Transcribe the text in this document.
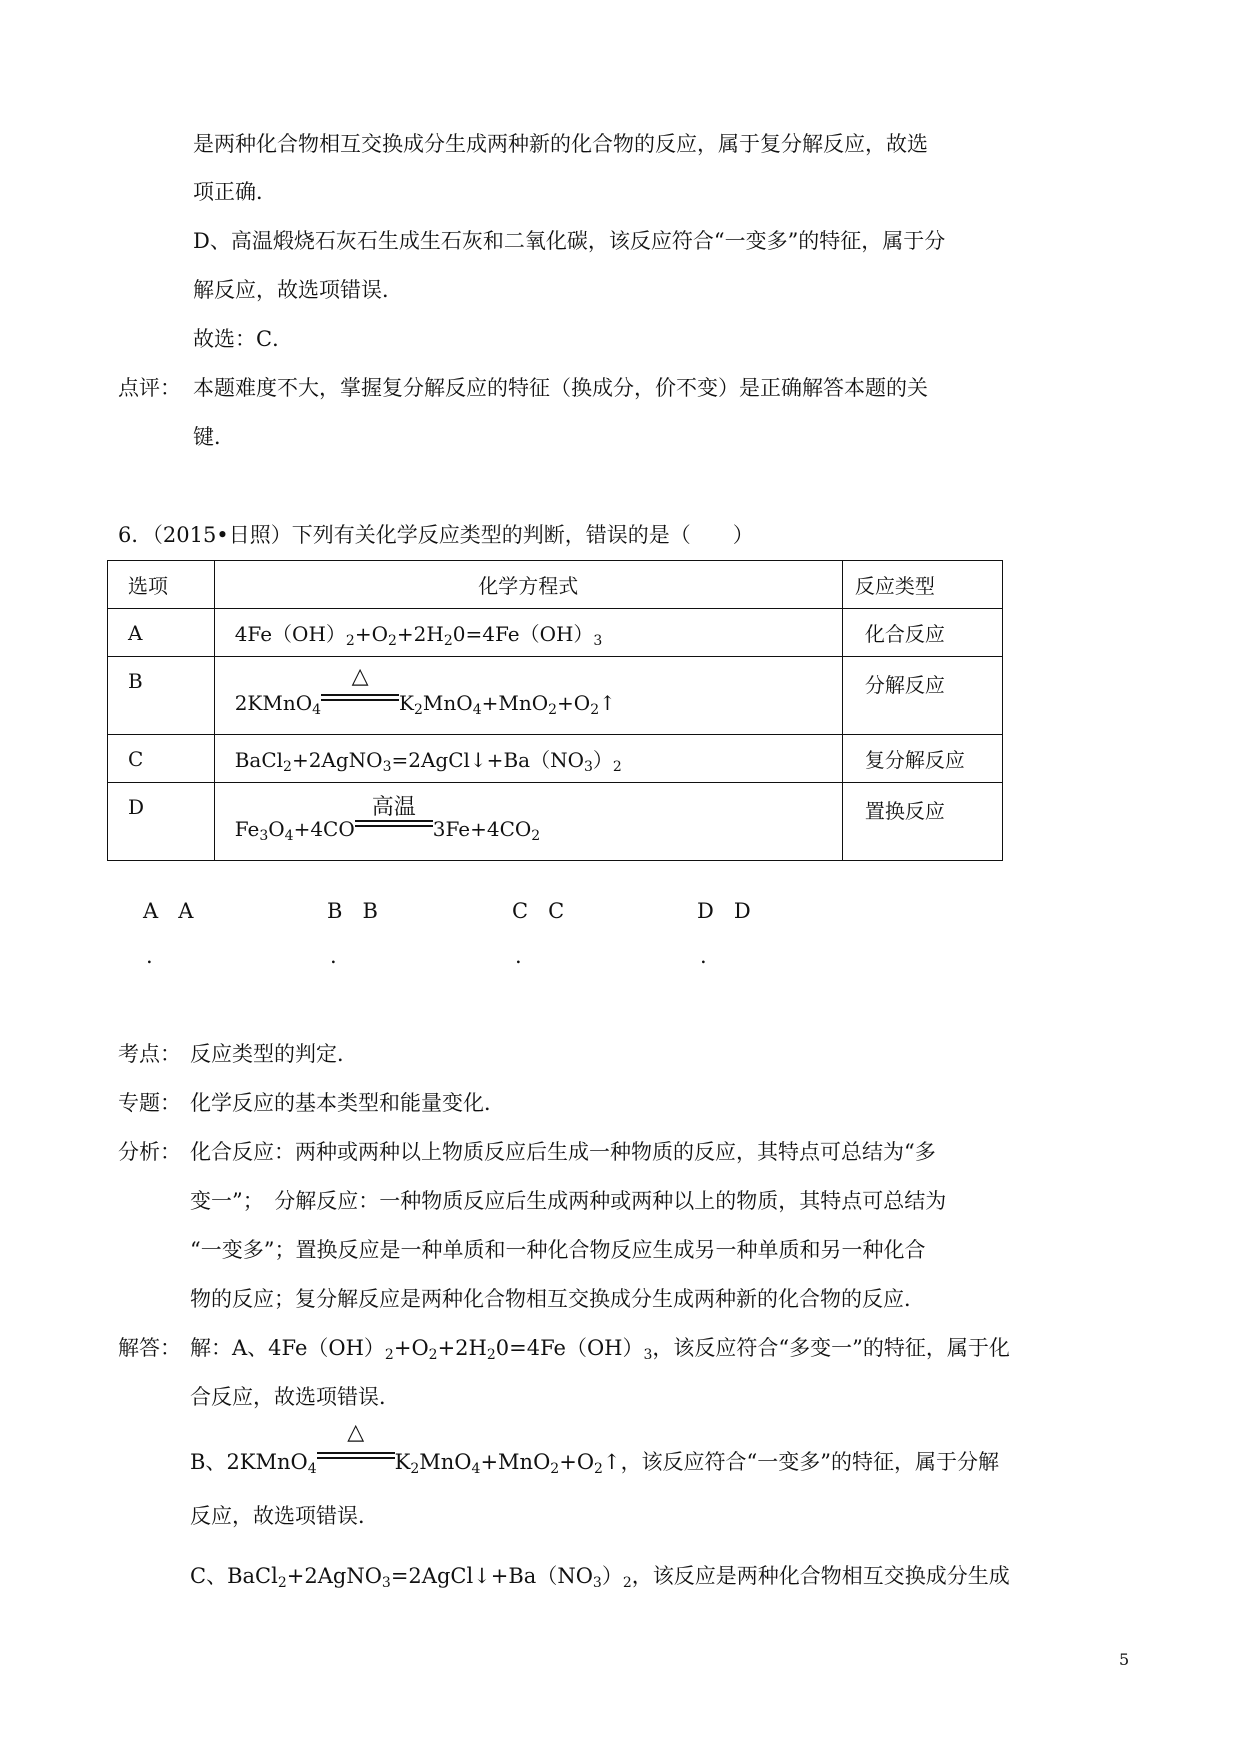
是两种化合物相互交换成分生成两种新的化合物的反应，属于复分解反应，故选
项正确．
D、高温煅烧石灰石生成生石灰和二氧化碳，该反应符合“一变多”的特征，属于分
解反应，故选项错误．
故选：C．
点评： 本题难度不大，掌握复分解反应的特征（换成分，价不变）是正确解答本题的关
键．
6．（2015•日照）下列有关化学反应类型的判断，错误的是（　　）
选项	化学方程式	反应类型
A	$4Fe(OH)_2+O_2+2H_20=4Fe(OH)_3$	化合反应
B	2KMnO$_4$
△
$K_2MnO_4+MnO_2+O_2↑$	分解反应
C	$BaCl_2+2AgNO_3=2AgCl↓+Ba(NO_3)_2$	复分解反应
D	$Fe_3O_4+4CO$
高温
$3Fe+4CO_2$	置换反应
A A
.
B B
.
C C
.
D D
.
考点： 反应类型的判定．
专题： 化学反应的基本类型和能量变化．
分析： 化合反应：两种或两种以上物质反应后生成一种物质的反应，其特点可总结为“多
变一”；　分解反应：一种物质反应后生成两种或两种以上的物质，其特点可总结为
“一变多”；置换反应是一种单质和一种化合物反应生成另一种单质和另一种化合
物的反应；复分解反应是两种化合物相互交换成分生成两种新的化合物的反应．
解答： 解：A、$4Fe(OH)_2+O_2+2H_20=4Fe(OH)_3$，该反应符合“多变一”的特征，属于化
合反应，故选项错误．
B、2KMnO$_4$
△
$K_2MnO_4+MnO_2+O_2↑$，该反应符合“一变多”的特征，属于分解
反应，故选项错误．
C、$BaCl_2+2AgNO_3=2AgCl↓+Ba(NO_3)_2$，该反应是两种化合物相互交换成分生成
5
